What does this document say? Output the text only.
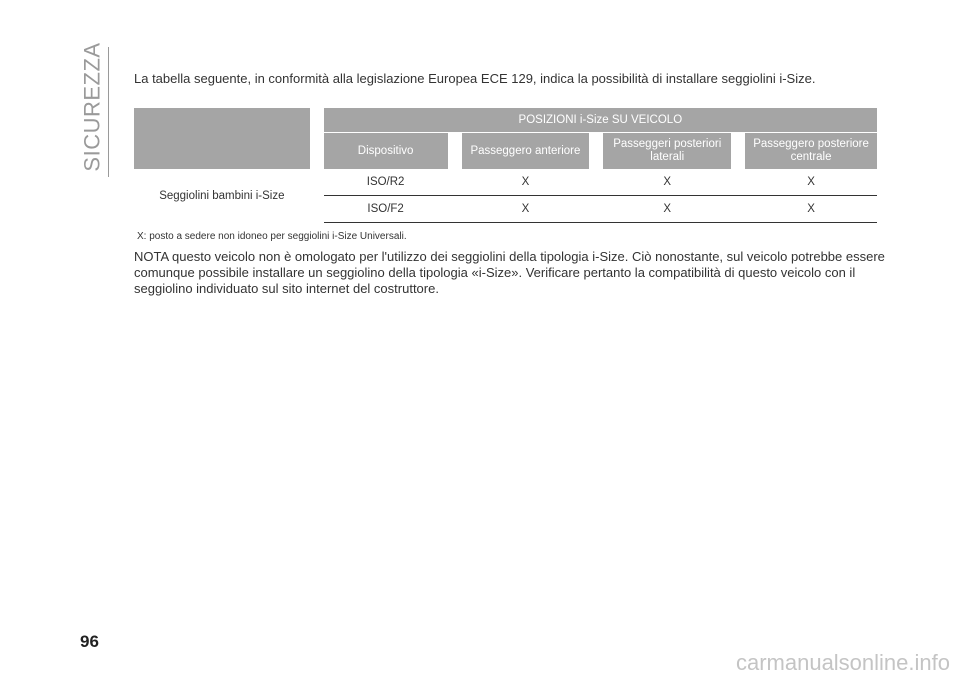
SICUREZZA La tabella seguente, in conformità alla legislazione Europea ECE 129, indica la possibilità di installare seggiolini i-Size.
		POSIZIONI i-Size SU VEICOLO						
		Dispositivo		Passeggero anteriore		Passeggeri posteriori laterali		Passeggero posteriore centrale
Seggiolini bambini i-Size		ISO/R2		X		X		X
		ISO/F2		X		X		X
X: posto a sedere non idoneo per seggiolini i-Size Universali.
NOTA questo veicolo non è omologato per l'utilizzo dei seggiolini della tipologia i-Size. Ciò nonostante, sul veicolo potrebbe essere comunque possibile installare un seggiolino della tipologia «i-Size». Verificare pertanto la compatibilità di questo veicolo con il seggiolino individuato sul sito internet del costruttore.
96
carmanualsonline.info
